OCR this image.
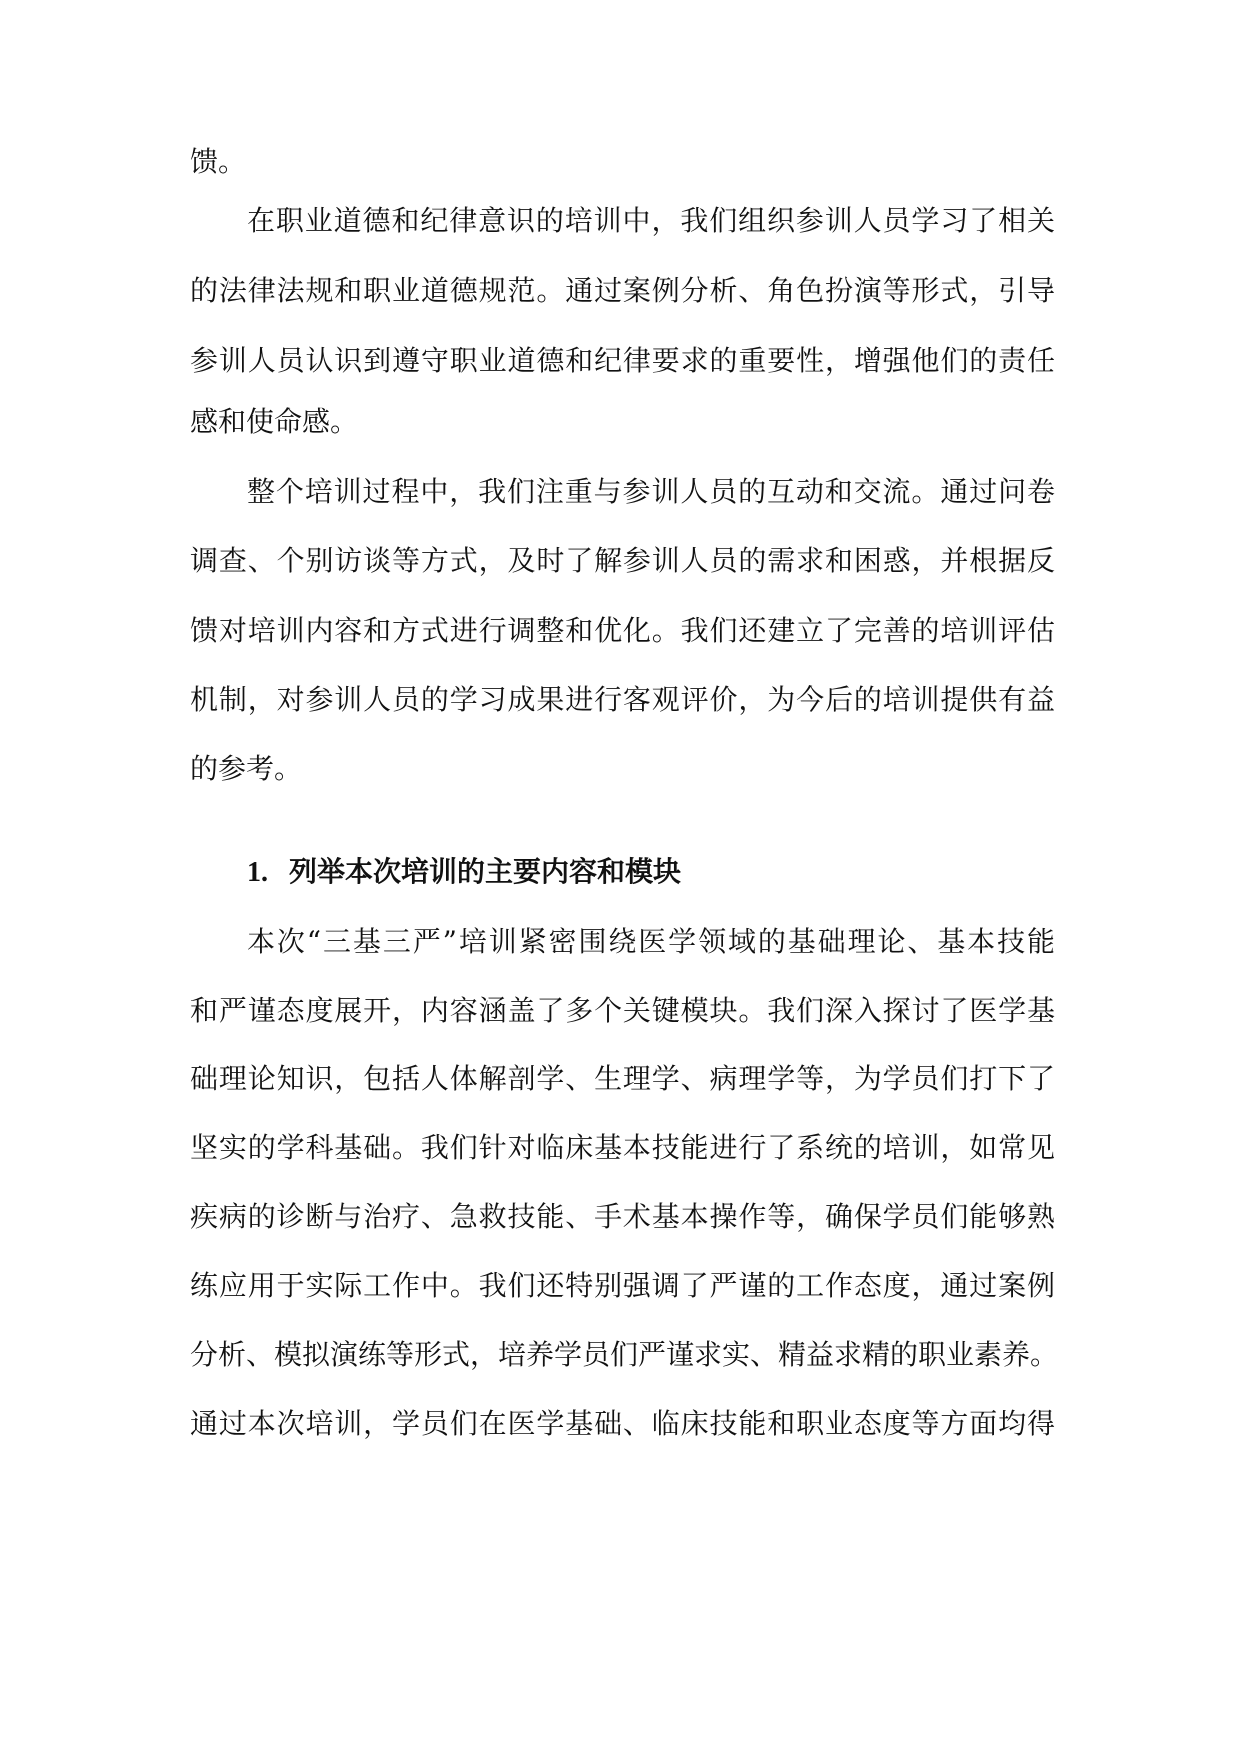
馈。
在职业道德和纪律意识的培训中，我们组织参训人员学习了相关
的法律法规和职业道德规范。通过案例分析、角色扮演等形式，引导
参训人员认识到遵守职业道德和纪律要求的重要性，增强他们的责任
感和使命感。
整个培训过程中，我们注重与参训人员的互动和交流。通过问卷
调查、个别访谈等方式，及时了解参训人员的需求和困惑，并根据反
馈对培训内容和方式进行调整和优化。我们还建立了完善的培训评估
机制，对参训人员的学习成果进行客观评价，为今后的培训提供有益
的参考。
1. 列举本次培训的主要内容和模块
本次“三基三严”培训紧密围绕医学领域的基础理论、基本技能
和严谨态度展开，内容涵盖了多个关键模块。我们深入探讨了医学基
础理论知识，包括人体解剖学、生理学、病理学等，为学员们打下了
坚实的学科基础。我们针对临床基本技能进行了系统的培训，如常见
疾病的诊断与治疗、急救技能、手术基本操作等，确保学员们能够熟
练应用于实际工作中。我们还特别强调了严谨的工作态度，通过案例
分析、模拟演练等形式，培养学员们严谨求实、精益求精的职业素养。
通过本次培训，学员们在医学基础、临床技能和职业态度等方面均得
